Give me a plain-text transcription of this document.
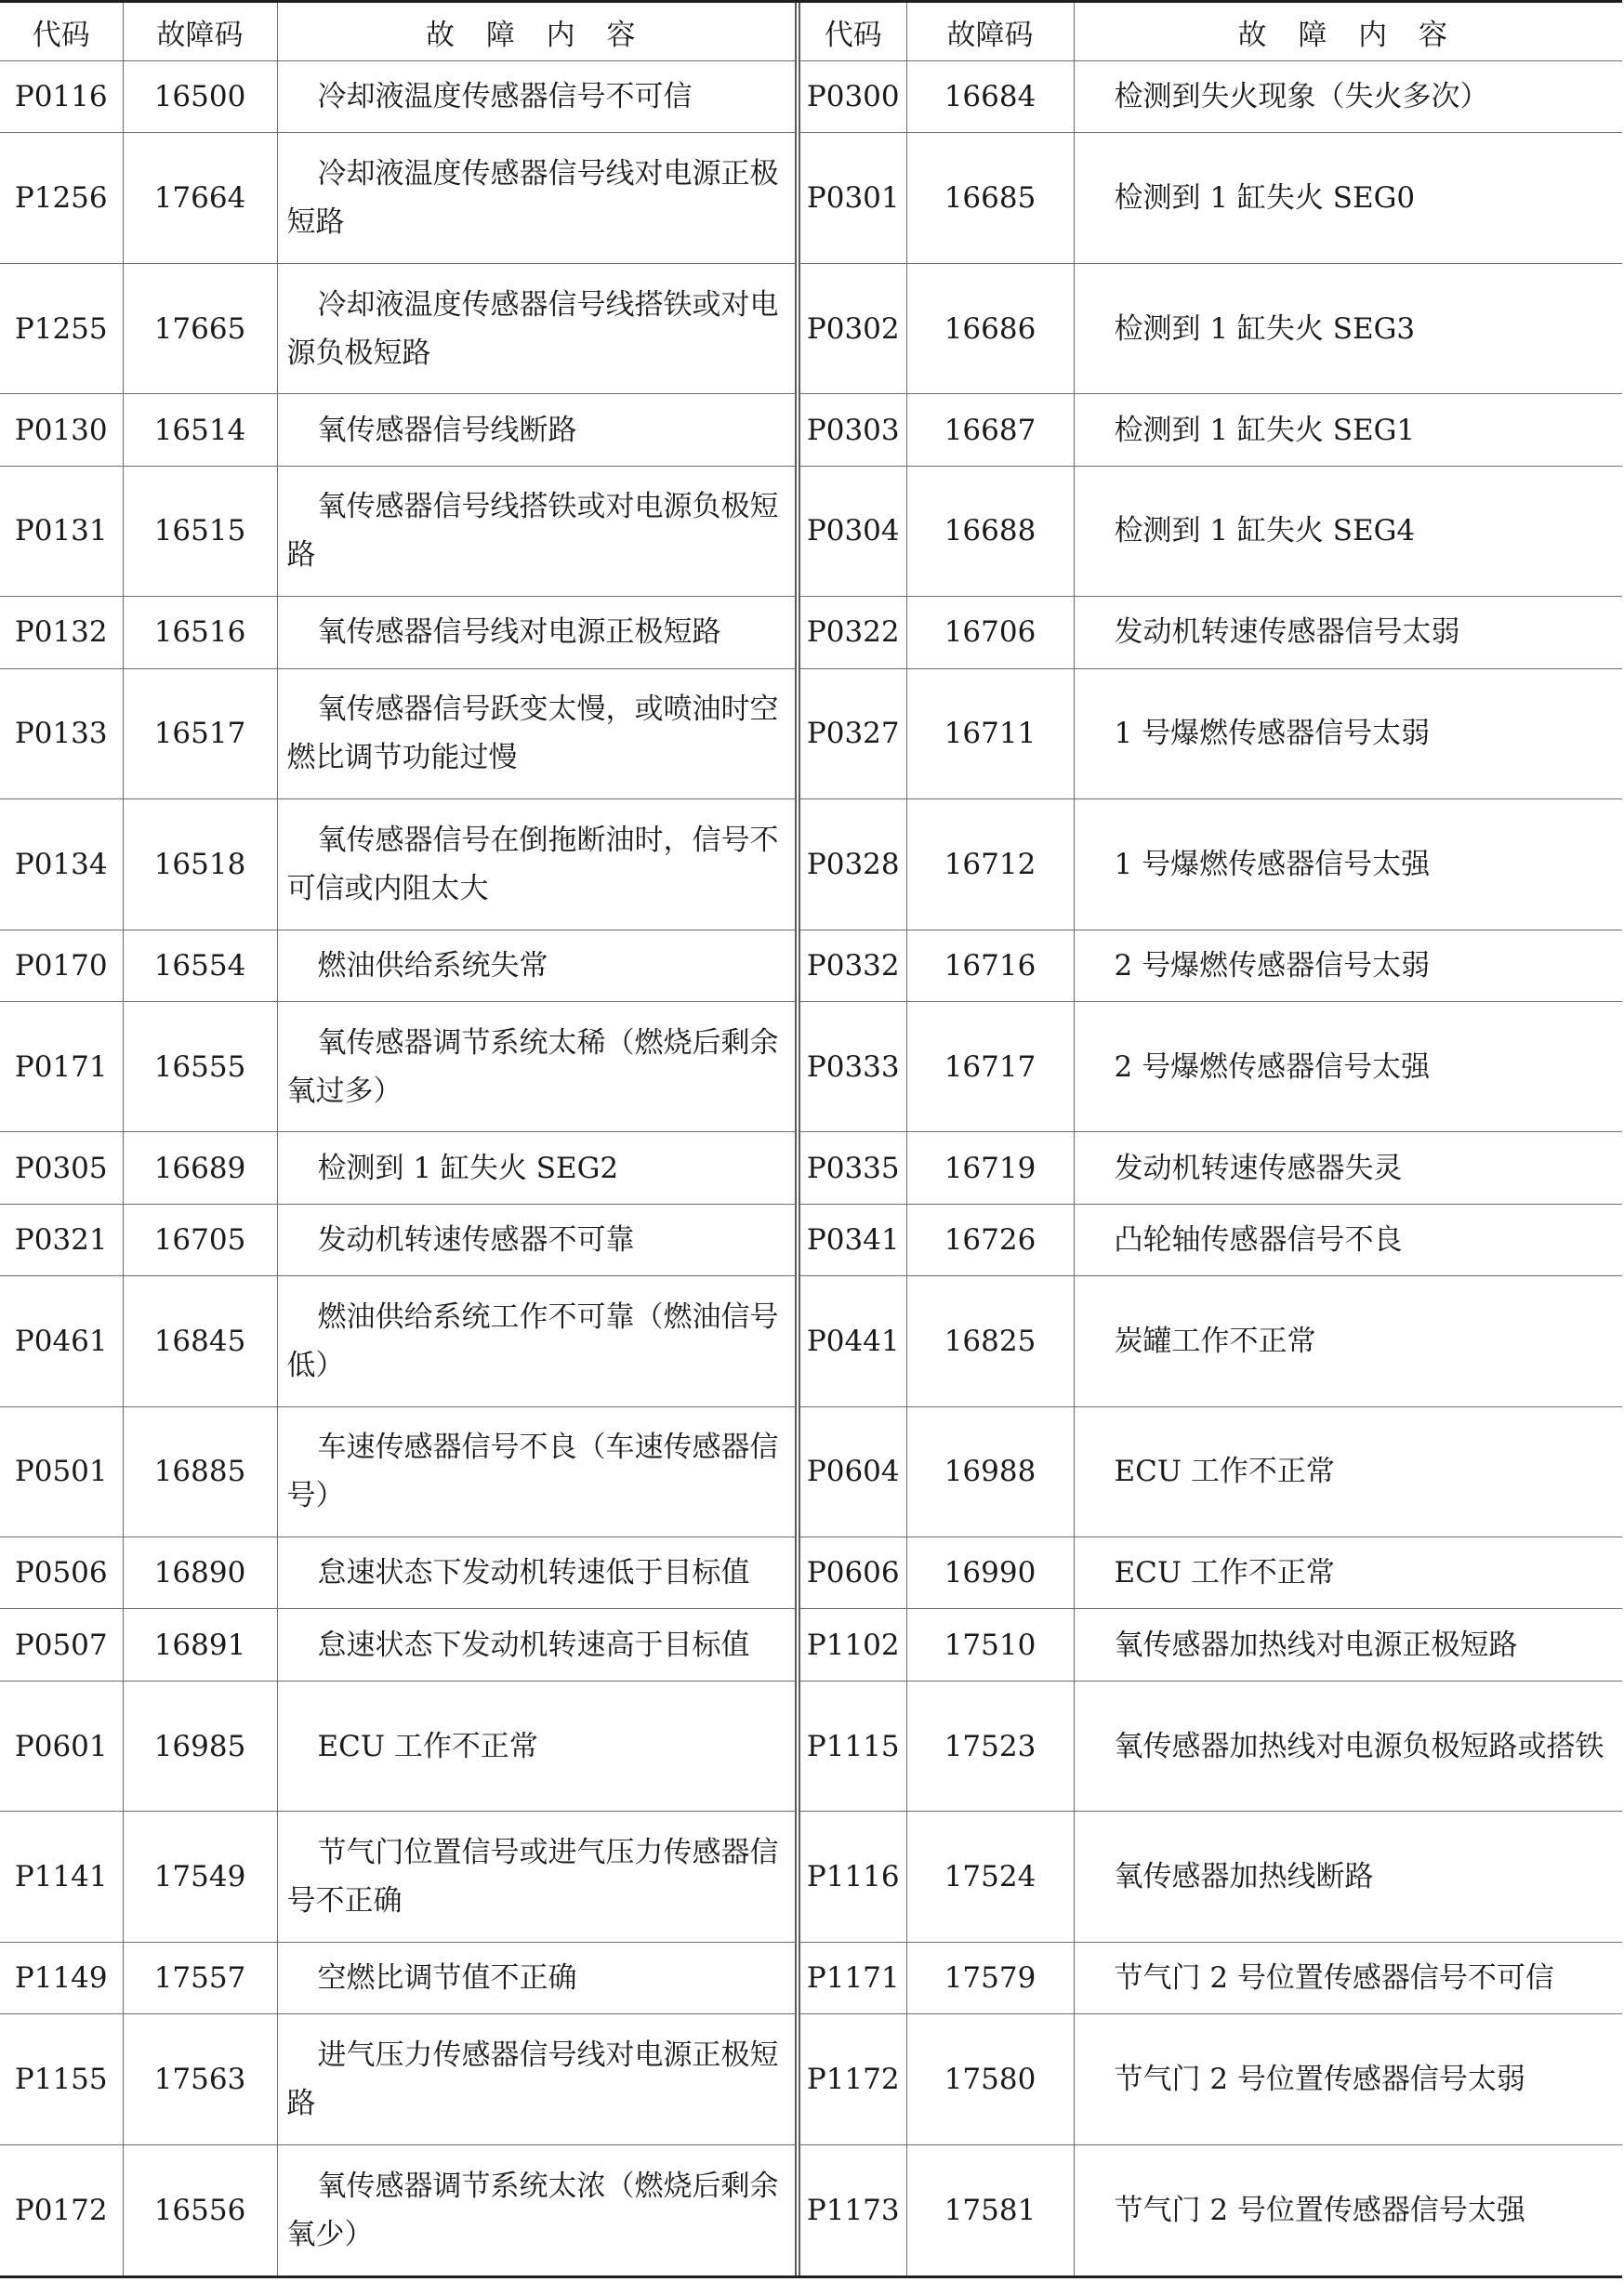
代码	故障码	故 障 内 容	代码	故障码	故 障 内 容
P0116	16500	冷却液温度传感器信号不可信	P0300	16684	检测到失火现象（失火多次）
P1256	17664	冷却液温度传感器信号线对电源正极短路	P0301	16685	检测到 1 缸失火 SEG0
P1255	17665	冷却液温度传感器信号线搭铁或对电源负极短路	P0302	16686	检测到 1 缸失火 SEG3
P0130	16514	氧传感器信号线断路	P0303	16687	检测到 1 缸失火 SEG1
P0131	16515	氧传感器信号线搭铁或对电源负极短路	P0304	16688	检测到 1 缸失火 SEG4
P0132	16516	氧传感器信号线对电源正极短路	P0322	16706	发动机转速传感器信号太弱
P0133	16517	氧传感器信号跃变太慢，或喷油时空燃比调节功能过慢	P0327	16711	1 号爆燃传感器信号太弱
P0134	16518	氧传感器信号在倒拖断油时，信号不可信或内阻太大	P0328	16712	1 号爆燃传感器信号太强
P0170	16554	燃油供给系统失常	P0332	16716	2 号爆燃传感器信号太弱
P0171	16555	氧传感器调节系统太稀（燃烧后剩余氧过多）	P0333	16717	2 号爆燃传感器信号太强
P0305	16689	检测到 1 缸失火 SEG2	P0335	16719	发动机转速传感器失灵
P0321	16705	发动机转速传感器不可靠	P0341	16726	凸轮轴传感器信号不良
P0461	16845	燃油供给系统工作不可靠（燃油信号低）	P0441	16825	炭罐工作不正常
P0501	16885	车速传感器信号不良（车速传感器信号）	P0604	16988	ECU 工作不正常
P0506	16890	怠速状态下发动机转速低于目标值	P0606	16990	ECU 工作不正常
P0507	16891	怠速状态下发动机转速高于目标值	P1102	17510	氧传感器加热线对电源正极短路
P0601	16985	ECU 工作不正常	P1115	17523	氧传感器加热线对电源负极短路或搭铁
P1141	17549	节气门位置信号或进气压力传感器信号不正确	P1116	17524	氧传感器加热线断路
P1149	17557	空燃比调节值不正确	P1171	17579	节气门 2 号位置传感器信号不可信
P1155	17563	进气压力传感器信号线对电源正极短路	P1172	17580	节气门 2 号位置传感器信号太弱
P0172	16556	氧传感器调节系统太浓（燃烧后剩余氧少）	P1173	17581	节气门 2 号位置传感器信号太强
